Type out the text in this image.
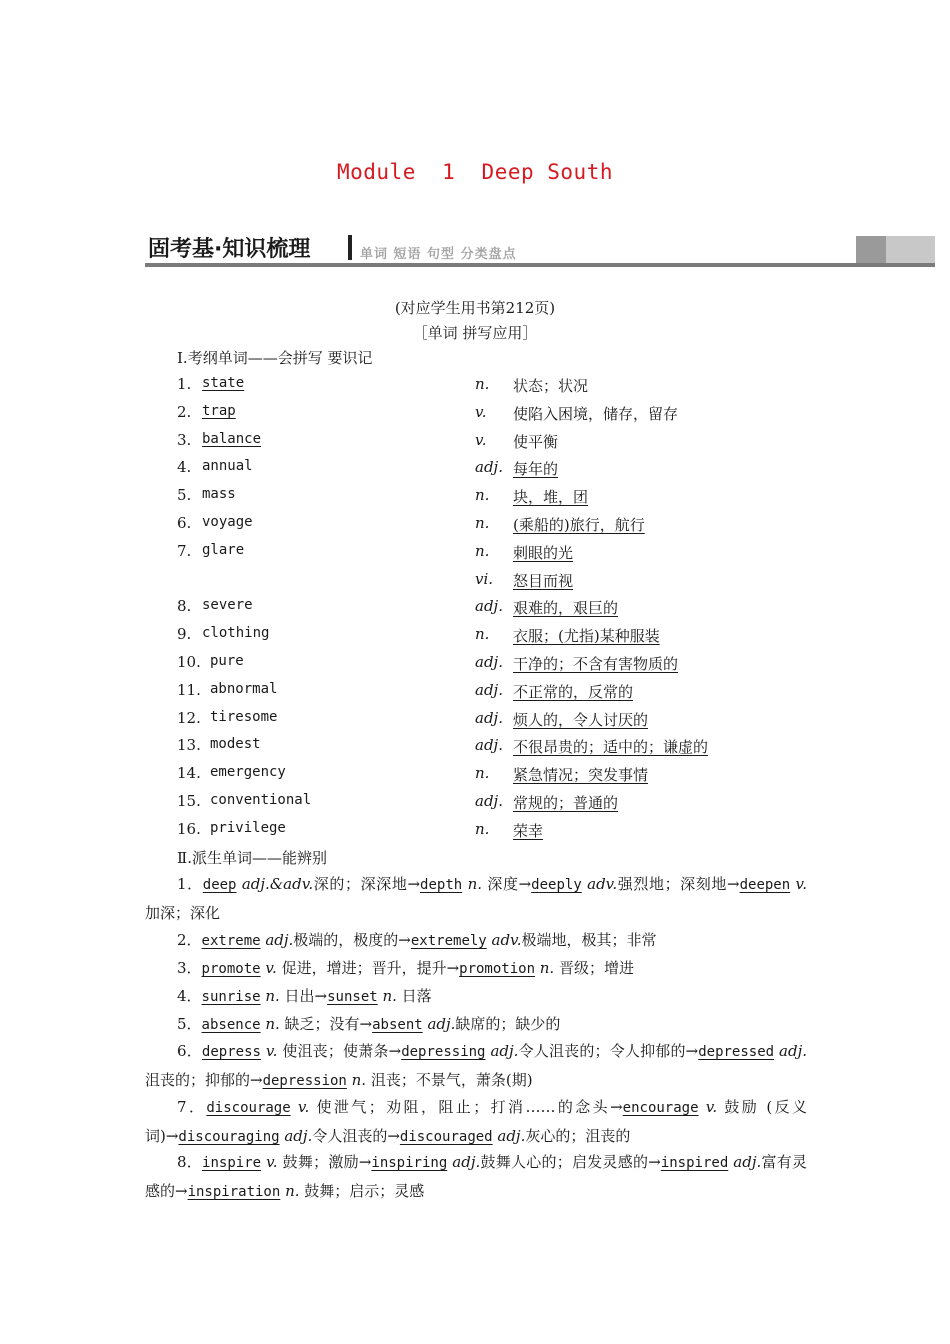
Module  1  Deep South
固考基·知识梳理	单词 短语 句型 分类盘点
(对应学生用书第212页)
［单词 拼写应用］
Ⅰ.考纲单词——会拼写 要识记
1. state	n. 状态；状况
2. trap	v. 使陷入困境，储存，留存
3. balance	v. 使平衡
4. annual	adj. 每年的
5. mass	n. 块，堆，团
6. voyage	n. (乘船的)旅行，航行
7. glare	n. 刺眼的光
vi. 怒目而视
8. severe	adj. 艰难的，艰巨的
9. clothing	n. 衣服；(尤指)某种服装
10. pure	adj. 干净的；不含有害物质的
11. abnormal	adj. 不正常的，反常的
12. tiresome	adj. 烦人的，令人讨厌的
13. modest	adj. 不很昂贵的；适中的；谦虚的
14. emergency	n. 紧急情况；突发事情
15. conventional	adj. 常规的；普通的
16. privilege	n. 荣幸
Ⅱ.派生单词——能辨别

1．deep adj.&adv.深的；深深地→depth n. 深度→deeply adv.强烈地；深刻地→deepen v. 加深；深化

2．extreme adj.极端的，极度的→extremely adv.极端地，极其；非常

3．promote v. 促进，增进；晋升，提升→promotion n. 晋级；增进

4．sunrise n. 日出→sunset n. 日落

5．absence n. 缺乏；没有→absent adj.缺席的；缺少的

6．depress v. 使沮丧；使萧条→depressing adj.令人沮丧的；令人抑郁的→depressed adj.沮丧的；抑郁的→depression n. 沮丧；不景气，萧条(期)

7．discourage v. 使泄气；劝阻，阻止；打消……的念头→encourage v. 鼓励 (反义词)→discouraging adj.令人沮丧的→discouraged adj.灰心的；沮丧的

8．inspire v. 鼓舞；激励→inspiring adj.鼓舞人心的；启发灵感的→inspired adj.富有灵感的→inspiration n. 鼓舞；启示；灵感
